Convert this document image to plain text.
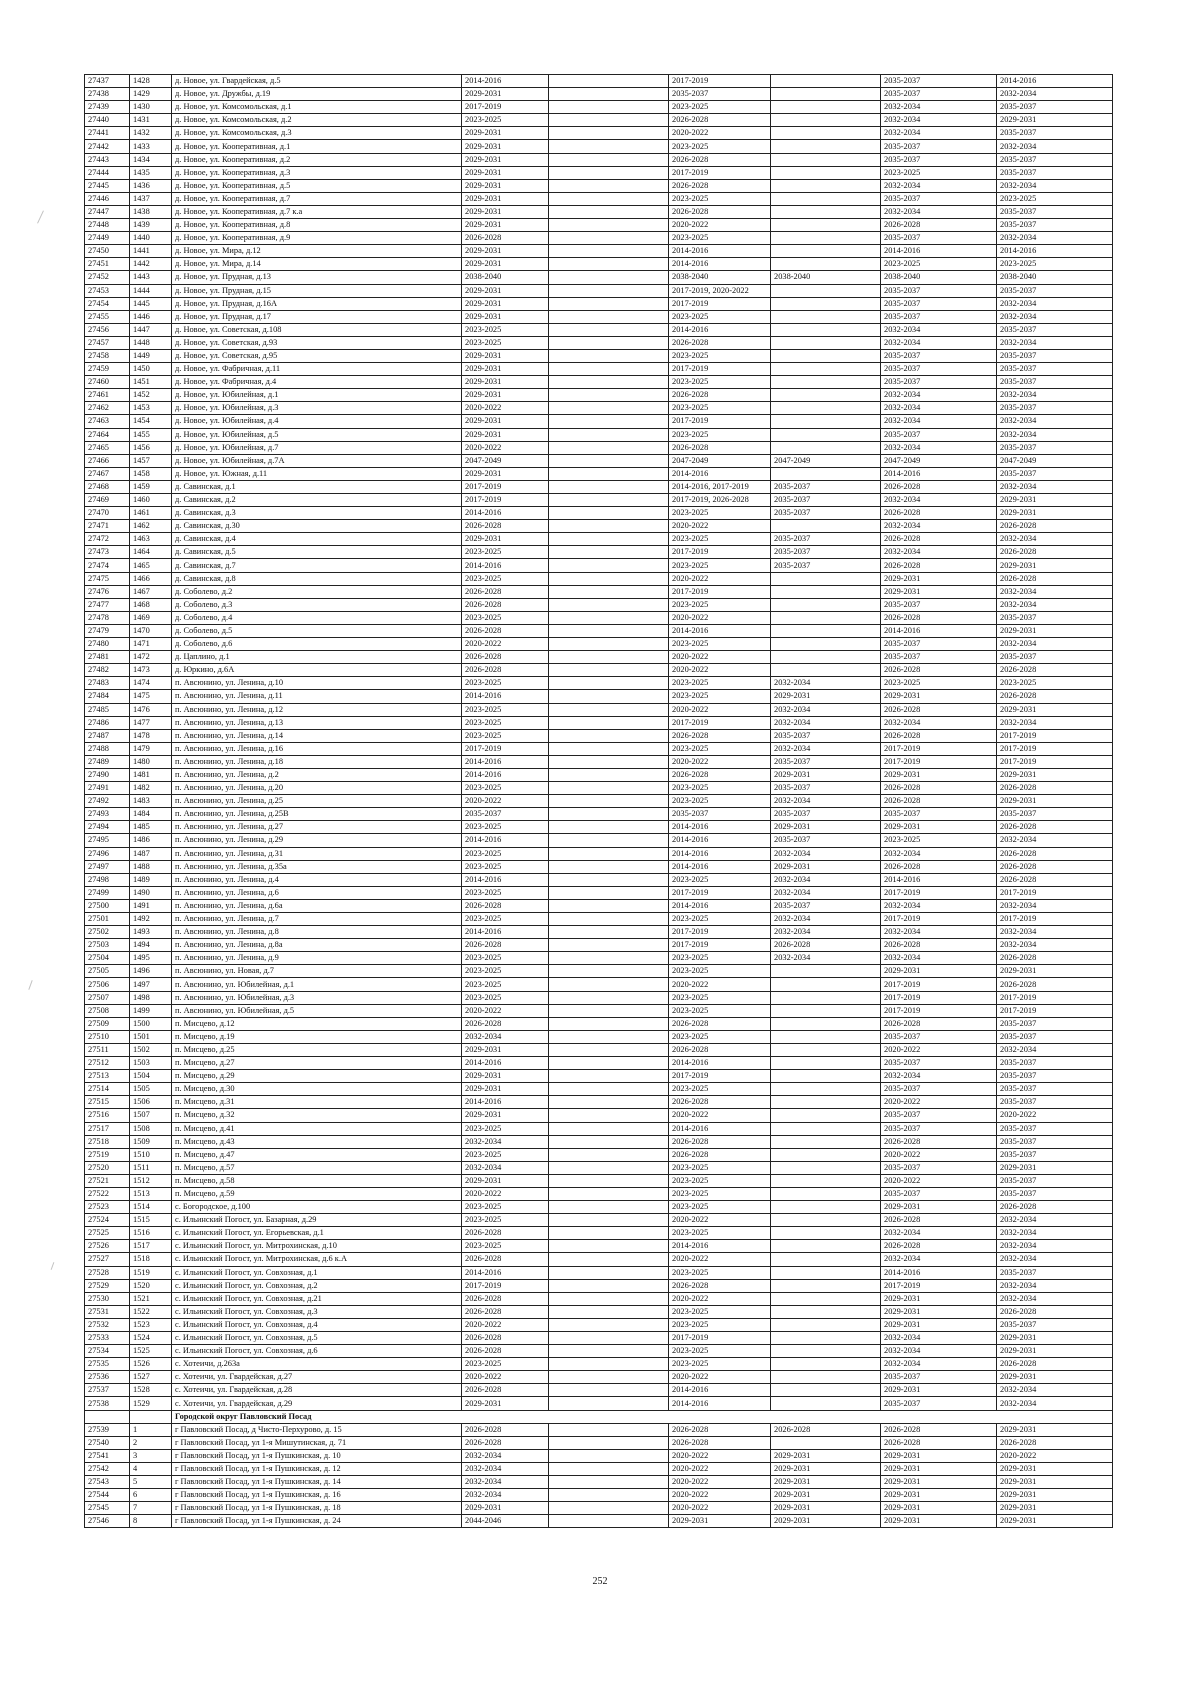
27437	1428	д. Новое, ул. Гвардейская, д.5	2014-2016		2017-2019		2035-2037	2014-2016
27438	1429	д. Новое, ул. Дружбы, д.19	2029-2031		2035-2037		2035-2037	2032-2034
27439	1430	д. Новое, ул. Комсомольская, д.1	2017-2019		2023-2025		2032-2034	2035-2037
27440	1431	д. Новое, ул. Комсомольская, д.2	2023-2025		2026-2028		2032-2034	2029-2031
27441	1432	д. Новое, ул. Комсомольская, д.3	2029-2031		2020-2022		2032-2034	2035-2037
27442	1433	д. Новое, ул. Кооперативная, д.1	2029-2031		2023-2025		2035-2037	2032-2034
27443	1434	д. Новое, ул. Кооперативная, д.2	2029-2031		2026-2028		2035-2037	2035-2037
27444	1435	д. Новое, ул. Кооперативная, д.3	2029-2031		2017-2019		2023-2025	2035-2037
27445	1436	д. Новое, ул. Кооперативная, д.5	2029-2031		2026-2028		2032-2034	2032-2034
27446	1437	д. Новое, ул. Кооперативная, д.7	2029-2031		2023-2025		2035-2037	2023-2025
27447	1438	д. Новое, ул. Кооперативная, д.7 к.а	2029-2031		2026-2028		2032-2034	2035-2037
27448	1439	д. Новое, ул. Кооперативная, д.8	2029-2031		2020-2022		2026-2028	2035-2037
27449	1440	д. Новое, ул. Кооперативная, д.9	2026-2028		2023-2025		2035-2037	2032-2034
27450	1441	д. Новое, ул. Мира, д.12	2029-2031		2014-2016		2014-2016	2014-2016
27451	1442	д. Новое, ул. Мира, д.14	2029-2031		2014-2016		2023-2025	2023-2025
27452	1443	д. Новое, ул. Прудная, д.13	2038-2040		2038-2040	2038-2040	2038-2040	2038-2040
27453	1444	д. Новое, ул. Прудная, д.15	2029-2031		2017-2019, 2020-2022		2035-2037	2035-2037
27454	1445	д. Новое, ул. Прудная, д.16А	2029-2031		2017-2019		2035-2037	2032-2034
27455	1446	д. Новое, ул. Прудная, д.17	2029-2031		2023-2025		2035-2037	2032-2034
27456	1447	д. Новое, ул. Советская, д.108	2023-2025		2014-2016		2032-2034	2035-2037
27457	1448	д. Новое, ул. Советская, д.93	2023-2025		2026-2028		2032-2034	2032-2034
27458	1449	д. Новое, ул. Советская, д.95	2029-2031		2023-2025		2035-2037	2035-2037
27459	1450	д. Новое, ул. Фабричная, д.11	2029-2031		2017-2019		2035-2037	2035-2037
27460	1451	д. Новое, ул. Фабричная, д.4	2029-2031		2023-2025		2035-2037	2035-2037
27461	1452	д. Новое, ул. Юбилейная, д.1	2029-2031		2026-2028		2032-2034	2032-2034
27462	1453	д. Новое, ул. Юбилейная, д.3	2020-2022		2023-2025		2032-2034	2035-2037
27463	1454	д. Новое, ул. Юбилейная, д.4	2029-2031		2017-2019		2032-2034	2032-2034
27464	1455	д. Новое, ул. Юбилейная, д.5	2029-2031		2023-2025		2035-2037	2032-2034
27465	1456	д. Новое, ул. Юбилейная, д.7	2020-2022		2026-2028		2032-2034	2035-2037
27466	1457	д. Новое, ул. Юбилейная, д.7А	2047-2049		2047-2049	2047-2049	2047-2049	2047-2049
27467	1458	д. Новое, ул. Южная, д.11	2029-2031		2014-2016		2014-2016	2035-2037
27468	1459	д. Савинская, д.1	2017-2019		2014-2016, 2017-2019	2035-2037	2026-2028	2032-2034
27469	1460	д. Савинская, д.2	2017-2019		2017-2019, 2026-2028	2035-2037	2032-2034	2029-2031
27470	1461	д. Савинская, д.3	2014-2016		2023-2025	2035-2037	2026-2028	2029-2031
27471	1462	д. Савинская, д.30	2026-2028		2020-2022		2032-2034	2026-2028
27472	1463	д. Савинская, д.4	2029-2031		2023-2025	2035-2037	2026-2028	2032-2034
27473	1464	д. Савинская, д.5	2023-2025		2017-2019	2035-2037	2032-2034	2026-2028
27474	1465	д. Савинская, д.7	2014-2016		2023-2025	2035-2037	2026-2028	2029-2031
27475	1466	д. Савинская, д.8	2023-2025		2020-2022		2029-2031	2026-2028
27476	1467	д. Соболево, д.2	2026-2028		2017-2019		2029-2031	2032-2034
27477	1468	д. Соболево, д.3	2026-2028		2023-2025		2035-2037	2032-2034
27478	1469	д. Соболево, д.4	2023-2025		2020-2022		2026-2028	2035-2037
27479	1470	д. Соболево, д.5	2026-2028		2014-2016		2014-2016	2029-2031
27480	1471	д. Соболево, д.6	2020-2022		2023-2025		2035-2037	2032-2034
27481	1472	д. Цаплино, д.1	2026-2028		2020-2022		2035-2037	2035-2037
27482	1473	д. Юркино, д.6А	2026-2028		2020-2022		2026-2028	2026-2028
27483	1474	п. Авсюнино, ул. Ленина, д.10	2023-2025		2023-2025	2032-2034	2023-2025	2023-2025
27484	1475	п. Авсюнино, ул. Ленина, д.11	2014-2016		2023-2025	2029-2031	2029-2031	2026-2028
27485	1476	п. Авсюнино, ул. Ленина, д.12	2023-2025		2020-2022	2032-2034	2026-2028	2029-2031
27486	1477	п. Авсюнино, ул. Ленина, д.13	2023-2025		2017-2019	2032-2034	2032-2034	2032-2034
27487	1478	п. Авсюнино, ул. Ленина, д.14	2023-2025		2026-2028	2035-2037	2026-2028	2017-2019
27488	1479	п. Авсюнино, ул. Ленина, д.16	2017-2019		2023-2025	2032-2034	2017-2019	2017-2019
27489	1480	п. Авсюнино, ул. Ленина, д.18	2014-2016		2020-2022	2035-2037	2017-2019	2017-2019
27490	1481	п. Авсюнино, ул. Ленина, д.2	2014-2016		2026-2028	2029-2031	2029-2031	2029-2031
27491	1482	п. Авсюнино, ул. Ленина, д.20	2023-2025		2023-2025	2035-2037	2026-2028	2026-2028
27492	1483	п. Авсюнино, ул. Ленина, д.25	2020-2022		2023-2025	2032-2034	2026-2028	2029-2031
27493	1484	п. Авсюнино, ул. Ленина, д.25В	2035-2037		2035-2037	2035-2037	2035-2037	2035-2037
27494	1485	п. Авсюнино, ул. Ленина, д.27	2023-2025		2014-2016	2029-2031	2029-2031	2026-2028
27495	1486	п. Авсюнино, ул. Ленина, д.29	2014-2016		2014-2016	2035-2037	2023-2025	2032-2034
27496	1487	п. Авсюнино, ул. Ленина, д.31	2023-2025		2014-2016	2032-2034	2032-2034	2026-2028
27497	1488	п. Авсюнино, ул. Ленина, д.35а	2023-2025		2014-2016	2029-2031	2026-2028	2026-2028
27498	1489	п. Авсюнино, ул. Ленина, д.4	2014-2016		2023-2025	2032-2034	2014-2016	2026-2028
27499	1490	п. Авсюнино, ул. Ленина, д.6	2023-2025		2017-2019	2032-2034	2017-2019	2017-2019
27500	1491	п. Авсюнино, ул. Ленина, д.6а	2026-2028		2014-2016	2035-2037	2032-2034	2032-2034
27501	1492	п. Авсюнино, ул. Ленина, д.7	2023-2025		2023-2025	2032-2034	2017-2019	2017-2019
27502	1493	п. Авсюнино, ул. Ленина, д.8	2014-2016		2017-2019	2032-2034	2032-2034	2032-2034
27503	1494	п. Авсюнино, ул. Ленина, д.8а	2026-2028		2017-2019	2026-2028	2026-2028	2032-2034
27504	1495	п. Авсюнино, ул. Ленина, д.9	2023-2025		2023-2025	2032-2034	2032-2034	2026-2028
27505	1496	п. Авсюнино, ул. Новая, д.7	2023-2025		2023-2025		2029-2031	2029-2031
27506	1497	п. Авсюнино, ул. Юбилейная, д.1	2023-2025		2020-2022		2017-2019	2026-2028
27507	1498	п. Авсюнино, ул. Юбилейная, д.3	2023-2025		2023-2025		2017-2019	2017-2019
27508	1499	п. Авсюнино, ул. Юбилейная, д.5	2020-2022		2023-2025		2017-2019	2017-2019
27509	1500	п. Мисцево, д.12	2026-2028		2026-2028		2026-2028	2035-2037
27510	1501	п. Мисцево, д.19	2032-2034		2023-2025		2035-2037	2035-2037
27511	1502	п. Мисцево, д.25	2029-2031		2026-2028		2020-2022	2032-2034
27512	1503	п. Мисцево, д.27	2014-2016		2014-2016		2035-2037	2035-2037
27513	1504	п. Мисцево, д.29	2029-2031		2017-2019		2032-2034	2035-2037
27514	1505	п. Мисцево, д.30	2029-2031		2023-2025		2035-2037	2035-2037
27515	1506	п. Мисцево, д.31	2014-2016		2026-2028		2020-2022	2035-2037
27516	1507	п. Мисцево, д.32	2029-2031		2020-2022		2035-2037	2020-2022
27517	1508	п. Мисцево, д.41	2023-2025		2014-2016		2035-2037	2035-2037
27518	1509	п. Мисцево, д.43	2032-2034		2026-2028		2026-2028	2035-2037
27519	1510	п. Мисцево, д.47	2023-2025		2026-2028		2020-2022	2035-2037
27520	1511	п. Мисцево, д.57	2032-2034		2023-2025		2035-2037	2029-2031
27521	1512	п. Мисцево, д.58	2029-2031		2023-2025		2020-2022	2035-2037
27522	1513	п. Мисцево, д.59	2020-2022		2023-2025		2035-2037	2035-2037
27523	1514	с. Богородское, д.100	2023-2025		2023-2025		2029-2031	2026-2028
27524	1515	с. Ильинский Погост, ул. Базарная, д.29	2023-2025		2020-2022		2026-2028	2032-2034
27525	1516	с. Ильинский Погост, ул. Егорьевская, д.1	2026-2028		2023-2025		2032-2034	2032-2034
27526	1517	с. Ильинский Погост, ул. Митрохинская, д.10	2023-2025		2014-2016		2026-2028	2032-2034
27527	1518	с. Ильинский Погост, ул. Митрохинская, д.6 к.А	2026-2028		2020-2022		2032-2034	2032-2034
27528	1519	с. Ильинский Погост, ул. Совхозная, д.1	2014-2016		2023-2025		2014-2016	2035-2037
27529	1520	с. Ильинский Погост, ул. Совхозная, д.2	2017-2019		2026-2028		2017-2019	2032-2034
27530	1521	с. Ильинский Погост, ул. Совхозная, д.21	2026-2028		2020-2022		2029-2031	2032-2034
27531	1522	с. Ильинский Погост, ул. Совхозная, д.3	2026-2028		2023-2025		2029-2031	2026-2028
27532	1523	с. Ильинский Погост, ул. Совхозная, д.4	2020-2022		2023-2025		2029-2031	2035-2037
27533	1524	с. Ильинский Погост, ул. Совхозная, д.5	2026-2028		2017-2019		2032-2034	2029-2031
27534	1525	с. Ильинский Погост, ул. Совхозная, д.6	2026-2028		2023-2025		2032-2034	2029-2031
27535	1526	с. Хотеичи, д.263а	2023-2025		2023-2025		2032-2034	2026-2028
27536	1527	с. Хотеичи, ул. Гвардейская, д.27	2020-2022		2020-2022		2035-2037	2029-2031
27537	1528	с. Хотеичи, ул. Гвардейская, д.28	2026-2028		2014-2016		2029-2031	2032-2034
27538	1529	с. Хотеичи, ул. Гвардейская, д.29	2029-2031		2014-2016		2035-2037	2032-2034
		Городской округ Павловский Посад						
27539	1	г Павловский Посад, д Чисто-Перхурово, д. 15	2026-2028		2026-2028	2026-2028	2026-2028	2029-2031
27540	2	г Павловский Посад, ул 1-я Мишутинская, д. 71	2026-2028		2026-2028		2026-2028	2026-2028
27541	3	г Павловский Посад, ул 1-я Пушкинская, д. 10	2032-2034		2020-2022	2029-2031	2029-2031	2020-2022
27542	4	г Павловский Посад, ул 1-я Пушкинская, д. 12	2032-2034		2020-2022	2029-2031	2029-2031	2029-2031
27543	5	г Павловский Посад, ул 1-я Пушкинская, д. 14	2032-2034		2020-2022	2029-2031	2029-2031	2029-2031
27544	6	г Павловский Посад, ул 1-я Пушкинская, д. 16	2032-2034		2020-2022	2029-2031	2029-2031	2029-2031
27545	7	г Павловский Посад, ул 1-я Пушкинская, д. 18	2029-2031		2020-2022	2029-2031	2029-2031	2029-2031
27546	8	г Павловский Посад, ул 1-я Пушкинская, д. 24	2044-2046		2029-2031	2029-2031	2029-2031	2029-2031
252
